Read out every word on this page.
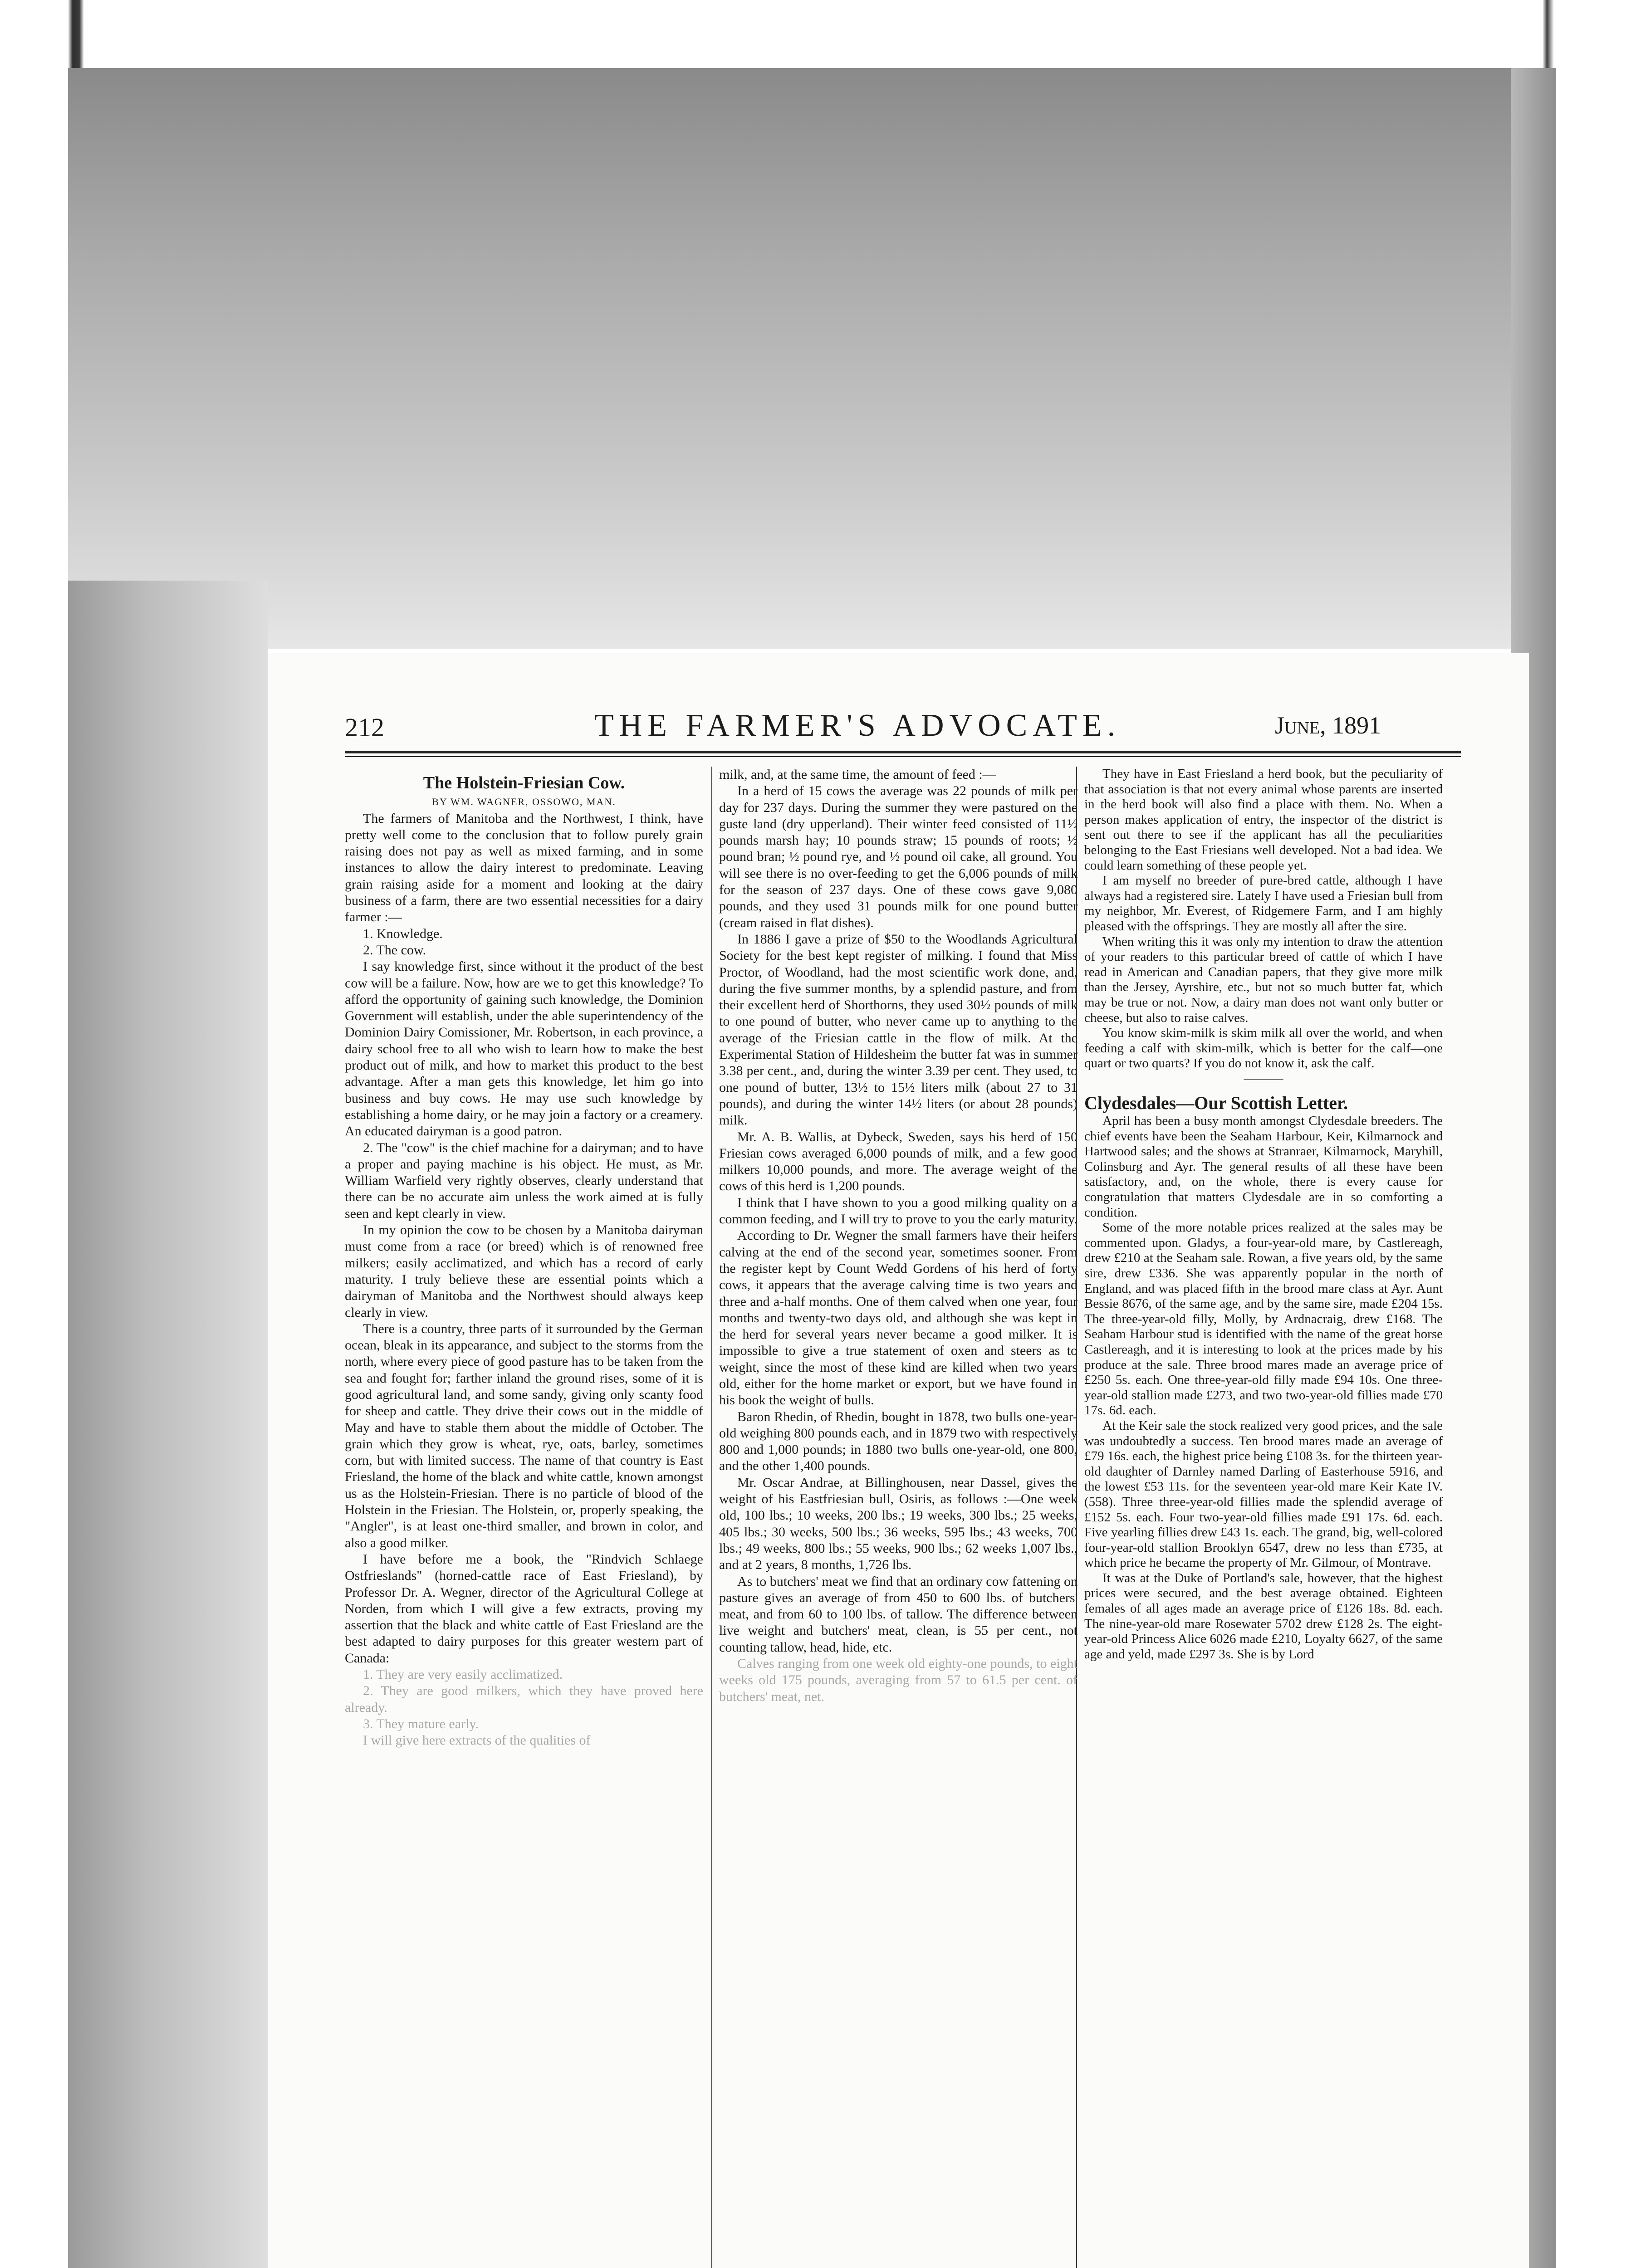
212	THE FARMER'S ADVOCATE.	June, 1891

The Holstein-Friesian Cow.

BY WM. WAGNER, OSSOWO, MAN.

The farmers of Manitoba and the Northwest, I think, have pretty well come to the conclusion that to follow purely grain raising does not pay as well as mixed farming, and in some instances to allow the dairy interest to predominate. Leaving grain raising aside for a moment and looking at the dairy business of a farm, there are two essential necessities for a dairy farmer :—

1. Knowledge.

2. The cow.

I say knowledge first, since without it the product of the best cow will be a failure. Now, how are we to get this knowledge? To afford the opportunity of gaining such knowledge, the Dominion Government will establish, under the able superintendency of the Dominion Dairy Comissioner, Mr. Robertson, in each province, a dairy school free to all who wish to learn how to make the best product out of milk, and how to market this product to the best advantage. After a man gets this knowledge, let him go into business and buy cows. He may use such knowledge by establishing a home dairy, or he may join a factory or a creamery. An educated dairyman is a good patron.

2. The "cow" is the chief machine for a dairyman; and to have a proper and paying machine is his object. He must, as Mr. William Warfield very rightly observes, clearly understand that there can be no accurate aim unless the work aimed at is fully seen and kept clearly in view.

In my opinion the cow to be chosen by a Manitoba dairyman must come from a race (or breed) which is of renowned free milkers; easily acclimatized, and which has a record of early maturity. I truly believe these are essential points which a dairyman of Manitoba and the Northwest should always keep clearly in view.

There is a country, three parts of it surrounded by the German ocean, bleak in its appearance, and subject to the storms from the north, where every piece of good pasture has to be taken from the sea and fought for; farther inland the ground rises, some of it is good agricultural land, and some sandy, giving only scanty food for sheep and cattle. They drive their cows out in the middle of May and have to stable them about the middle of October. The grain which they grow is wheat, rye, oats, barley, sometimes corn, but with limited success. The name of that country is East Friesland, the home of the black and white cattle, known amongst us as the Holstein-Friesian. There is no particle of blood of the Holstein in the Friesian. The Holstein, or, properly speaking, the "Angler", is at least one-third smaller, and brown in color, and also a good milker.

I have before me a book, the "Rindvich Schlaege Ostfrieslands" (horned-cattle race of East Friesland), by Professor Dr. A. Wegner, director of the Agricultural College at Norden, from which I will give a few extracts, proving my assertion that the black and white cattle of East Friesland are the best adapted to dairy purposes for this greater western part of Canada:

1. They are very easily acclimatized.

2. They are good milkers, which they have proved here already.

3. They mature early.

I will give here extracts of the qualities of

milk, and, at the same time, the amount of feed :—

In a herd of 15 cows the average was 22 pounds of milk per day for 237 days. During the summer they were pastured on the guste land (dry upperland). Their winter feed consisted of 11½ pounds marsh hay; 10 pounds straw; 15 pounds of roots; ½ pound bran; ½ pound rye, and ½ pound oil cake, all ground. You will see there is no over-feeding to get the 6,006 pounds of milk for the season of 237 days. One of these cows gave 9,080 pounds, and they used 31 pounds milk for one pound butter (cream raised in flat dishes).

In 1886 I gave a prize of $50 to the Woodlands Agricultural Society for the best kept register of milking. I found that Miss Proctor, of Woodland, had the most scientific work done, and, during the five summer months, by a splendid pasture, and from their excellent herd of Shorthorns, they used 30½ pounds of milk to one pound of butter, who never came up to anything to the average of the Friesian cattle in the flow of milk. At the Experimental Station of Hildesheim the butter fat was in summer 3.38 per cent., and, during the winter 3.39 per cent. They used, to one pound of butter, 13½ to 15½ liters milk (about 27 to 31 pounds), and during the winter 14½ liters (or about 28 pounds) milk.

Mr. A. B. Wallis, at Dybeck, Sweden, says his herd of 150 Friesian cows averaged 6,000 pounds of milk, and a few good milkers 10,000 pounds, and more. The average weight of the cows of this herd is 1,200 pounds.

I think that I have shown to you a good milking quality on a common feeding, and I will try to prove to you the early maturity.

According to Dr. Wegner the small farmers have their heifers calving at the end of the second year, sometimes sooner. From the register kept by Count Wedd Gordens of his herd of forty cows, it appears that the average calving time is two years and three and a-half months. One of them calved when one year, four months and twenty-two days old, and although she was kept in the herd for several years never became a good milker. It is impossible to give a true statement of oxen and steers as to weight, since the most of these kind are killed when two years old, either for the home market or export, but we have found in his book the weight of bulls.

Baron Rhedin, of Rhedin, bought in 1878, two bulls one-year-old weighing 800 pounds each, and in 1879 two with respectively 800 and 1,000 pounds; in 1880 two bulls one-year-old, one 800, and the other 1,400 pounds.

Mr. Oscar Andrae, at Billinghousen, near Dassel, gives the weight of his Eastfriesian bull, Osiris, as follows :—One week old, 100 lbs.; 10 weeks, 200 lbs.; 19 weeks, 300 lbs.; 25 weeks, 405 lbs.; 30 weeks, 500 lbs.; 36 weeks, 595 lbs.; 43 weeks, 700 lbs.; 49 weeks, 800 lbs.; 55 weeks, 900 lbs.; 62 weeks 1,007 lbs., and at 2 years, 8 months, 1,726 lbs.

As to butchers' meat we find that an ordinary cow fattening on pasture gives an average of from 450 to 600 lbs. of butchers' meat, and from 60 to 100 lbs. of tallow. The difference between live weight and butchers' meat, clean, is 55 per cent., not counting tallow, head, hide, etc.

Calves ranging from one week old eighty-one pounds, to eight weeks old 175 pounds, averaging from 57 to 61.5 per cent. of butchers' meat, net.

They have in East Friesland a herd book, but the peculiarity of that association is that not every animal whose parents are inserted in the herd book will also find a place with them. No. When a person makes application of entry, the inspector of the district is sent out there to see if the applicant has all the peculiarities belonging to the East Friesians well developed. Not a bad idea. We could learn something of these people yet.

I am myself no breeder of pure-bred cattle, although I have always had a registered sire. Lately I have used a Friesian bull from my neighbor, Mr. Everest, of Ridgemere Farm, and I am highly pleased with the offsprings. They are mostly all after the sire.

When writing this it was only my intention to draw the attention of your readers to this particular breed of cattle of which I have read in American and Canadian papers, that they give more milk than the Jersey, Ayrshire, etc., but not so much butter fat, which may be true or not. Now, a dairy man does not want only butter or cheese, but also to raise calves.

You know skim-milk is skim milk all over the world, and when feeding a calf with skim-milk, which is better for the calf—one quart or two quarts? If you do not know it, ask the calf.

———

Clydesdales—Our Scottish Letter.

April has been a busy month amongst Clydesdale breeders. The chief events have been the Seaham Harbour, Keir, Kilmarnock and Hartwood sales; and the shows at Stranraer, Kilmarnock, Maryhill, Colinsburg and Ayr. The general results of all these have been satisfactory, and, on the whole, there is every cause for congratulation that matters Clydesdale are in so comforting a condition.

Some of the more notable prices realized at the sales may be commented upon. Gladys, a four-year-old mare, by Castlereagh, drew £210 at the Seaham sale. Rowan, a five years old, by the same sire, drew £336. She was apparently popular in the north of England, and was placed fifth in the brood mare class at Ayr. Aunt Bessie 8676, of the same age, and by the same sire, made £204 15s. The three-year-old filly, Molly, by Ardnacraig, drew £168. The Seaham Harbour stud is identified with the name of the great horse Castlereagh, and it is interesting to look at the prices made by his produce at the sale. Three brood mares made an average price of £250 5s. each. One three-year-old filly made £94 10s. One three-year-old stallion made £273, and two two-year-old fillies made £70 17s. 6d. each.

At the Keir sale the stock realized very good prices, and the sale was undoubtedly a success. Ten brood mares made an average of £79 16s. each, the highest price being £108 3s. for the thirteen year-old daughter of Darnley named Darling of Easterhouse 5916, and the lowest £53 11s. for the seventeen year-old mare Keir Kate IV. (558). Three three-year-old fillies made the splendid average of £152 5s. each. Four two-year-old fillies made £91 17s. 6d. each. Five yearling fillies drew £43 1s. each. The grand, big, well-colored four-year-old stallion Brooklyn 6547, drew no less than £735, at which price he became the property of Mr. Gilmour, of Montrave.

It was at the Duke of Portland's sale, however, that the highest prices were secured, and the best average obtained. Eighteen females of all ages made an average price of £126 18s. 8d. each. The nine-year-old mare Rosewater 5702 drew £128 2s. The eight-year-old Princess Alice 6026 made £210, Loyalty 6627, of the same age and yeld, made £297 3s. She is by Lord
